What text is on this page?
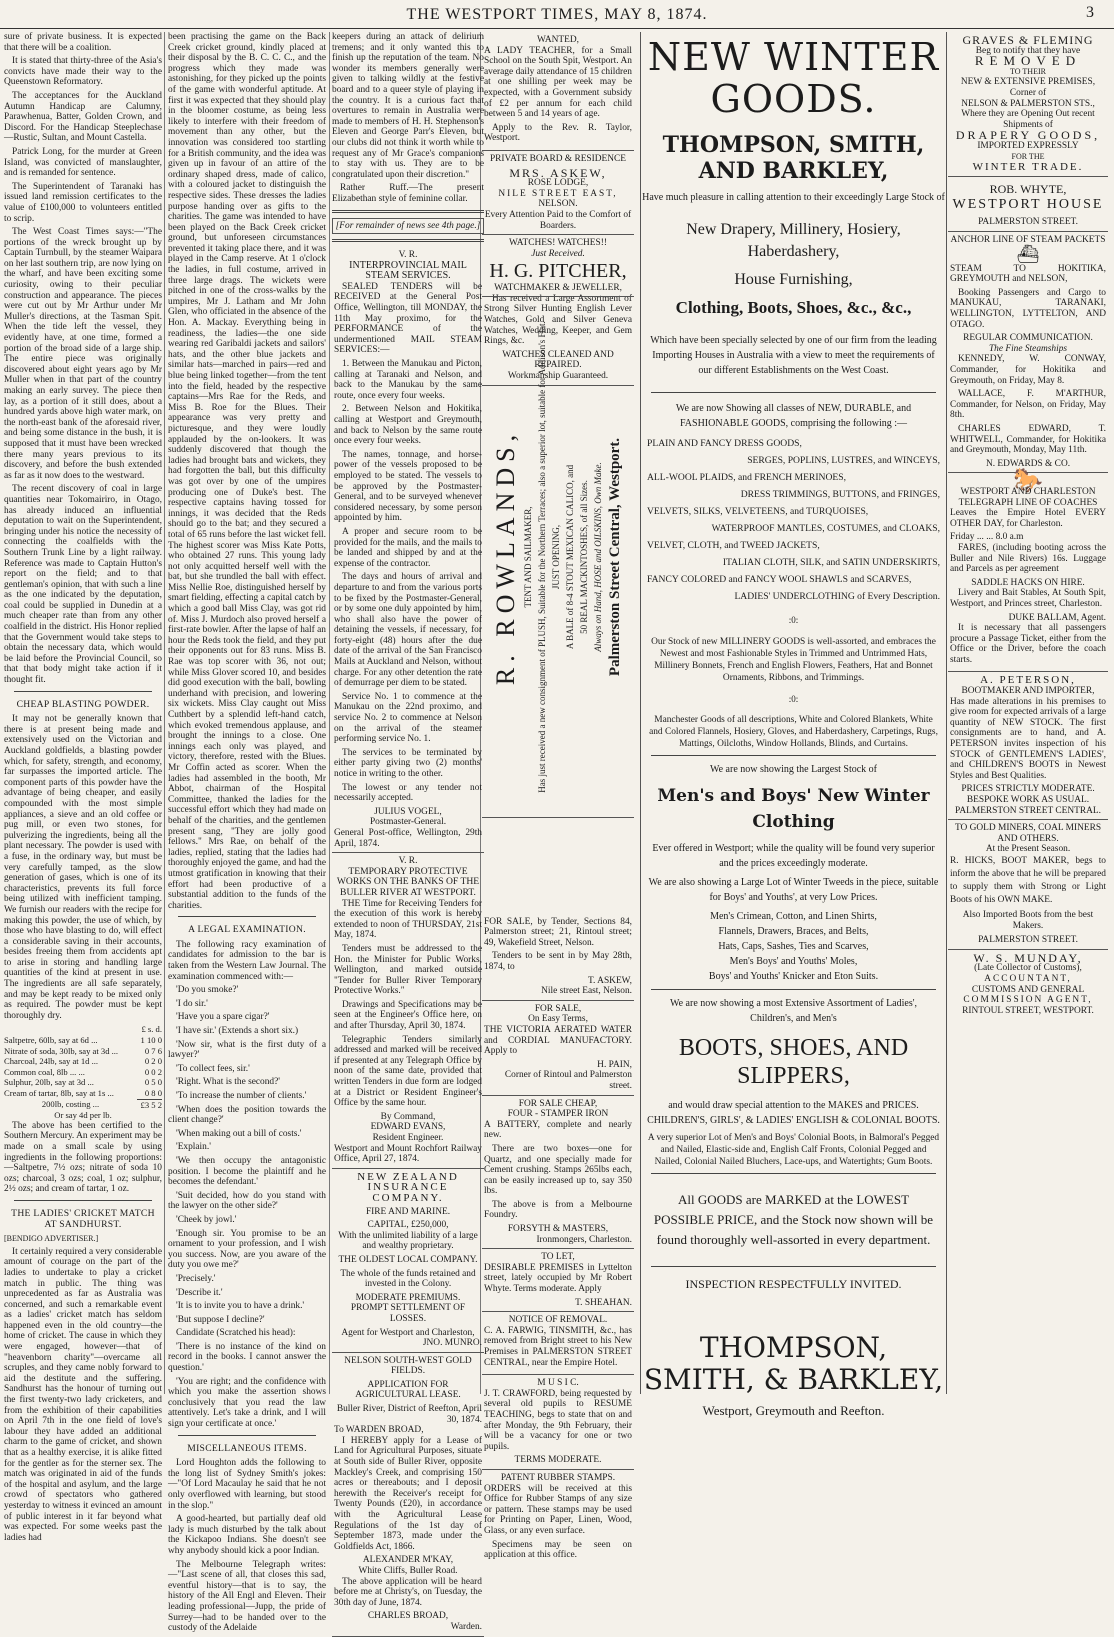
THE WESTPORT TIMES, MAY 8, 1874.	3

sure of private business. It is expected that there will be a coalition.

It is stated that thirty-three of the Asia's convicts have made their way to the Queenstown Reformatory.

The acceptances for the Auckland Autumn Handicap are Calumny, Parawhenua, Batter, Golden Crown, and Discord. For the Handicap Steeplechase—Rustic, Sultan, and Mount Castella.

Patrick Long, for the murder at Green Island, was convicted of manslaughter, and is remanded for sentence.

The Superintendent of Taranaki has issued land remission certificates to the value of £100,000 to volunteers entitled to scrip.

The West Coast Times says:—"The portions of the wreck brought up by Captain Turnbull, by the steamer Waipara on her last southern trip, are now lying on the wharf, and have been exciting some curiosity, owing to their peculiar construction and appearance. The pieces were cut out by Mr Arthur under Mr Muller's directions, at the Tasman Spit. When the tide left the vessel, they evidently have, at one time, formed a portion of the broad side of a large ship. The entire piece was originally discovered about eight years ago by Mr Muller when in that part of the country making an early survey. The piece then lay, as a portion of it still does, about a hundred yards above high water mark, on the north-east bank of the aforesaid river, and being some distance in the bush, it is supposed that it must have been wrecked there many years previous to its discovery, and before the bush extended as far as it now does to the westward.

The recent discovery of coal in large quantities near Tokomairiro, in Otago, has already induced an influential deputation to wait on the Superintendent, bringing under his notice the necessity of connecting the coalfields with the Southern Trunk Line by a light railway. Reference was made to Captain Hutton's report on the field; and to that gentleman's opinion, that with such a line as the one indicated by the deputation, coal could be supplied in Dunedin at a much cheaper rate than from any other coalfield in the district. His Honor replied that the Government would take steps to obtain the necessary data, which would be laid before the Provincial Council, so that that body might take action if it thought fit.

CHEAP BLASTING POWDER.

It may not be generally known that there is at present being made and extensively used on the Victorian and Auckland goldfields, a blasting powder which, for safety, strength, and economy, far surpasses the imported article. The component parts of this powder have the advantage of being cheaper, and easily compounded with the most simple appliances, a sieve and an old coffee or pug mill, or even two stones, for pulverizing the ingredients, being all the plant necessary. The powder is used with a fuse, in the ordinary way, but must be very carefully tamped, as the slow generation of gases, which is one of its characteristics, prevents its full force being utilized with inefficient tamping. We furnish our readers with the recipe for making this powder, the use of which, by those who have blasting to do, will effect a considerable saving in their accounts, besides freeing them from accidents apt to arise in storing and handling large quantities of the kind at present in use. The ingredients are all safe separately, and may be kept ready to be mixed only as required. The powder must be kept thoroughly dry.

	£ s. d.
Saltpetre, 60lb, say at 6d ...	1 10 0
Nitrate of soda, 30lb, say at 3d ...	0 7 6
Charcoal, 24lb, say at 1d ...	0 2 0
Common coal, 8lb ... ...	0 0 2
Sulphur, 20lb, say at 3d ...	0 5 0
Cream of tartar, 8lb, say at 1s ...	0 8 0
200lb, costing ...	£3 5 2
Or say 4d per lb.	

The above has been certified to the Southern Mercury. An experiment may be made on a small scale by using ingredients in the following proportions:—Saltpetre, 7½ ozs; nitrate of soda 10 ozs; charcoal, 3 ozs; coal, 1 oz; sulphur, 2½ ozs; and cream of tartar, 1 oz.

THE LADIES' CRICKET MATCH AT SANDHURST.
[BENDIGO ADVERTISER.]

It certainly required a very considerable amount of courage on the part of the ladies to undertake to play a cricket match in public. The thing was unprecedented as far as Australia was concerned, and such a remarkable event as a ladies' cricket match has seldom happened even in the old country—the home of cricket. The cause in which they were engaged, however—that of "heavenborn charity"—overcame all scruples, and they came nobly forward to aid the destitute and the suffering. Sandhurst has the honour of turning out the first twenty-two lady cricketers, and from the exhibition of their capabilities on April 7th in the one field of love's labour they have added an additional charm to the game of cricket, and shown that as a healthy exercise, it is alike fitted for the gentler as for the sterner sex. The match was originated in aid of the funds of the hospital and asylum, and the large crowd of spectators who gathered yesterday to witness it evinced an amount of public interest in it far beyond what was expected. For some weeks past the ladies had

been practising the game on the Back Creek cricket ground, kindly placed at their disposal by the B. C. C. C., and the progress which they made was astonishing, for they picked up the points of the game with wonderful aptitude. At first it was expected that they should play in the bloomer costume, as being less likely to interfere with their freedom of movement than any other, but the innovation was considered too startling for a British community, and the idea was given up in favour of an attire of the ordinary shaped dress, made of calico, with a coloured jacket to distinguish the respective sides. These dresses the ladies purpose handing over as gifts to the charities. The game was intended to have been played on the Back Creek cricket ground, but unforeseen circumstances prevented it taking place there, and it was played in the Camp reserve. At 1 o'clock the ladies, in full costume, arrived in three large drags. The wickets were pitched in one of the cross-walks by the umpires, Mr J. Latham and Mr John Glen, who officiated in the absence of the Hon. A. Mackay. Everything being in readiness, the ladies—the one side wearing red Garibaldi jackets and sailors' hats, and the other blue jackets and similar hats—marched in pairs—red and blue being linked together—from the tent into the field, headed by the respective captains—Mrs Rae for the Reds, and Miss B. Roe for the Blues. Their appearance was very pretty and picturesque, and they were loudly applauded by the on-lookers. It was suddenly discovered that though the ladies had brought bats and wickets, they had forgotten the ball, but this difficulty was got over by one of the umpires producing one of Duke's best. The respective captains having tossed for innings, it was decided that the Reds should go to the bat; and they secured a total of 65 runs before the last wicket fell. The highest scorer was Miss Kate Potts, who obtained 27 runs. This young lady not only acquitted herself well with the bat, but she trundled the ball with effect. Miss Nellie Roe, distinguished herself by smart fielding, effecting a capital catch by which a good ball Miss Clay, was got rid of. Miss J. Murdoch also proved herself a first-rate bowler. After the lapse of half an hour the Reds took the field, and they put their opponents out for 83 runs. Miss B. Rae was top scorer with 36, not out; while Miss Glover scored 10, and besides did good execution with the ball, bowling underhand with precision, and lowering six wickets. Miss Clay caught out Miss Cuthbert by a splendid left-hand catch, which evoked tremendous applause, and brought the innings to a close. One innings each only was played, and victory, therefore, rested with the Blues. Mr Coffin acted as scorer. When the ladies had assembled in the booth, Mr Abbot, chairman of the Hospital Committee, thanked the ladies for the successful effort which they had made on behalf of the charities, and the gentlemen present sang, "They are jolly good fellows." Mrs Rae, on behalf of the ladies, replied, stating that the ladies had thoroughly enjoyed the game, and had the utmost gratification in knowing that their effort had been productive of a substantial addition to the funds of the charities.

A LEGAL EXAMINATION.

The following racy examination of candidates for admission to the bar is taken from the Western Law Journal. The examination commenced with:—

'Do you smoke?'

'I do sir.'

'Have you a spare cigar?'

'I have sir.' (Extends a short six.)

'Now sir, what is the first duty of a lawyer?'

'To collect fees, sir.'

'Right. What is the second?'

'To increase the number of clients.'

'When does the position towards the client change?'

'When making out a bill of costs.'

'Explain.'

'We then occupy the antagonistic position. I become the plaintiff and he becomes the defendant.'

'Suit decided, how do you stand with the lawyer on the other side?'

'Cheek by jowl.'

'Enough sir. You promise to be an ornament to your profession, and I wish you success. Now, are you aware of the duty you owe me?'

'Precisely.'

'Describe it.'

'It is to invite you to have a drink.'

'But suppose I decline?'

Candidate (Scratched his head):

'There is no instance of the kind on record in the books. I cannot answer the question.'

'You are right; and the confidence with which you make the assertion shows conclusively that you read the law attentively. Let's take a drink, and I will sign your certificate at once.'

MISCELLANEOUS ITEMS.

Lord Houghton adds the following to the long list of Sydney Smith's jokes:—"Of Lord Macaulay he said that he not only overflowed with learning, but stood in the slop."

A good-hearted, but partially deaf old lady is much disturbed by the talk about the Kickapoo Indians. She doesn't see why anybody should kick a poor Indian.

The Melbourne Telegraph writes:—"Last scene of all, that closes this sad, eventful history—that is to say, the history of the All Engl and Eleven. Their leading professional—Jupp, the pride of Surrey—had to be handed over to the custody of the Adelaide

keepers during an attack of delirium tremens; and it only wanted this to finish up the reputation of the team. No wonder its members generally were given to talking wildly at the festive board and to a queer style of playing in the country. It is a curious fact that overtures to remain in Australia were made to members of H. H. Stephenson's Eleven and George Parr's Eleven, but our clubs did not think it worth while to request any of Mr Grace's companions to stay with us. They are to be congratulated upon their discretion."

Rather Ruff.—The present Elizabethan style of feminine collar.

[For remainder of news see 4th page.]
V. R.
INTERPROVINCIAL MAIL STEAM SERVICES.

SEALED TENDERS will be RECEIVED at the General Post Office, Wellington, till MONDAY, the 11th May proximo, for the PERFORMANCE of the undermentioned MAIL STEAM SERVICES:—

1. Between the Manukau and Picton, calling at Taranaki and Nelson, and back to the Manukau by the same route, once every four weeks.

2. Between Nelson and Hokitika, calling at Westport and Greymouth, and back to Nelson by the same route once every four weeks.

The names, tonnage, and horse-power of the vessels proposed to be employed to be stated. The vessels to be approved by the Postmaster-General, and to be surveyed whenever considered necessary, by some person appointed by him.

A proper and secure room to be provided for the mails, and the mails to be landed and shipped by and at the expense of the contractor.

The days and hours of arrival and departure to and from the various ports to be fixed by the Postmaster-General, or by some one duly appointed by him, who shall also have the power of detaining the vessels, if necessary, for forty-eight (48) hours after the due date of the arrival of the San Francisco Mails at Auckland and Nelson, without charge. For any other detention the rate of demurrage per diem to be stated.

Service No. 1 to commence at the Manukau on the 22nd proximo, and service No. 2 to commence at Nelson on the arrival of the steamer performing service No. 1.

The services to be terminated by either party giving two (2) months' notice in writing to the other.

The lowest or any tender not necessarily accepted.

JULIUS VOGEL,
Postmaster-General.
General Post-office, Wellington, 29th April, 1874.
V. R.
TEMPORARY PROTECTIVE WORKS ON THE BANKS OF THE BULLER RIVER AT WESTPORT.

THE Time for Receiving Tenders for the execution of this work is hereby extended to noon of THURSDAY, 21st May, 1874.

Tenders must be addressed to the Hon. the Minister for Public Works, Wellington, and marked outside "Tender for Buller River Temporary Protective Works."

Drawings and Specifications may be seen at the Engineer's Office here, on and after Thursday, April 30, 1874.

Telegraphic Tenders similarly addressed and marked will be received if presented at any Telegraph Office by noon of the same date, provided that written Tenders in due form are lodged at a District or Resident Engineer's Office by the same hour.

By Command,
EDWARD EVANS,
Resident Engineer.
Westport and Mount Rochfort Railway Office, April 27, 1874.
NEW ZEALAND INSURANCE COMPANY.
FIRE AND MARINE.
CAPITAL, £250,000,
With the unlimited liability of a large and wealthy proprietary.
THE OLDEST LOCAL COMPANY.
The whole of the funds retained and invested in the Colony.
MODERATE PREMIUMS.
PROMPT SETTLEMENT OF LOSSES.
Agent for Westport and Charleston,
JNO. MUNRO.
NELSON SOUTH-WEST GOLD FIELDS.
APPLICATION FOR AGRICULTURAL LEASE.
Buller River, District of Reefton, April 30, 1874.
To WARDEN BROAD,

I HEREBY apply for a Lease of Land for Agricultural Purposes, situate at South side of Buller River, opposite Mackley's Creek, and comprising 150 acres or thereabouts; and I deposit herewith the Receiver's receipt for Twenty Pounds (£20), in accordance with the Agricultural Lease Regulations of the 1st day of September 1873, made under the Goldfields Act, 1866.

ALEXANDER M'KAY,
White Cliffs, Buller Road.

The above application will be heard before me at Christy's, on Tuesday, the 30th day of June, 1874.

CHARLES BROAD,
Warden.
WANTED,

A LADY TEACHER, for a Small School on the South Spit, Westport. An average daily attendance of 15 children at one shilling per week may be expected, with a Government subsidy of £2 per annum for each child between 5 and 14 years of age.

Apply to the Rev. R. Taylor, Westport.

PRIVATE BOARD & RESIDENCE
MRS. ASKEW,
ROSE LODGE,
NILE STREET EAST,
NELSON.
Every Attention Paid to the Comfort of Boarders.
WATCHES! WATCHES!!
Just Received.
H. G. PITCHER,
WATCHMAKER & JEWELLER,

Has received a Large Assortment of Strong Silver Hunting English Lever Watches, Gold and Silver Geneva Watches, Wedding, Keeper, and Gem Rings, &c.

WATCHES CLEANED AND REPAIRED.
Workmanship Guaranteed.

FOR SALE, by Tender, Sections 84, Palmerston street; 21, Rintoul street; 49, Wakefield Street, Nelson.

Tenders to be sent in by May 28th, 1874, to

T. ASKEW,
Nile street East, Nelson.
FOR SALE,
On Easy Terms,

THE VICTORIA AERATED WATER and CORDIAL MANUFACTORY. Apply to

H. PAIN,
Corner of Rintoul and Palmerston street.
FOR SALE CHEAP,
FOUR - STAMPER IRON

A BATTERY, complete and nearly new.

There are two boxes—one for Quartz, and one specially made for Cement crushing. Stamps 265lbs each, can be easily increased up to, say 350 lbs.

The above is from a Melbourne Foundry.

FORSYTH & MASTERS,
Ironmongers, Charleston.
TO LET,

DESIRABLE PREMISES in Lyttelton street, lately occupied by Mr Robert Whyte. Terms moderate. Apply

T. SHEAHAN.
NOTICE OF REMOVAL.

C. A. FARWIG, TINSMITH, &c., has removed from Bright street to his New Premises in PALMERSTON STREET CENTRAL, near the Empire Hotel.

M U S I C.

J. T. CRAWFORD, being requested by several old pupils to RESUME TEACHING, begs to state that on and after Monday, the 9th February, their will be a vacancy for one or two pupils.

TERMS MODERATE.
PATENT RUBBER STAMPS.

ORDERS will be received at this Office for Rubber Stamps of any size or pattern. These stamps may be used for Printing on Paper, Linen, Wood, Glass, or any even surface.

Specimens may be seen on application at this office.

R. ROWLANDS, TENT AND SAILMAKER, Has just received a new consignment of PLUSH, Suitable for the Northern Terraces; also a superior lot, suitable for Addison's Flat. JUST OPENING, A BALE of 8-4 STOUT MEXICAN CALICO, and 50 REAL MACKINTOSHES, of all Sizes. Always on Hand, HOSE and OILSKINS, Own Make. Palmerston Street Central, Westport.
NEW WINTER GOODS.
THOMPSON, SMITH, AND BARKLEY,
Have much pleasure in calling attention to their exceedingly Large Stock of
New Drapery, Millinery, Hosiery, Haberdashery,
House Furnishing,
Clothing, Boots, Shoes, &c., &c.,
Which have been specially selected by one of our firm from the leading Importing Houses in Australia with a view to meet the requirements of our different Establishments on the West Coast.
We are now Showing all classes of NEW, DURABLE, and FASHIONABLE GOODS, comprising the following :—
PLAIN AND FANCY DRESS GOODS,
SERGES, POPLINS, LUSTRES, and WINCEYS,
ALL-WOOL PLAIDS, and FRENCH MERINOES,
DRESS TRIMMINGS, BUTTONS, and FRINGES,
VELVETS, SILKS, VELVETEENS, and TURQUOISES,
WATERPROOF MANTLES, COSTUMES, and CLOAKS,
VELVET, CLOTH, and TWEED JACKETS,
ITALIAN CLOTH, SILK, and SATIN UNDERSKIRTS,
FANCY COLORED and FANCY WOOL SHAWLS and SCARVES,
LADIES' UNDERCLOTHING of Every Description.
:0:
Our Stock of new MILLINERY GOODS is well-assorted, and embraces the Newest and most Fashionable Styles in Trimmed and Untrimmed Hats, Millinery Bonnets, French and English Flowers, Feathers, Hat and Bonnet Ornaments, Ribbons, and Trimmings.
:0:
Manchester Goods of all descriptions, White and Colored Blankets, White and Colored Flannels, Hosiery, Gloves, and Haberdashery, Carpetings, Rugs, Mattings, Oilcloths, Window Hollands, Blinds, and Curtains.
We are now showing the Largest Stock of
Men's and Boys' New Winter Clothing
Ever offered in Westport; while the quality will be found very superior and the prices exceedingly moderate.
We are also showing a Large Lot of Winter Tweeds in the piece, suitable for Boys' and Youths', at very Low Prices.
Men's Crimean, Cotton, and Linen Shirts,
Flannels, Drawers, Braces, and Belts,
Hats, Caps, Sashes, Ties and Scarves,
Men's Boys' and Youths' Moles,
Boys' and Youths' Knicker and Eton Suits.
We are now showing a most Extensive Assortment of Ladies',
Children's, and Men's
BOOTS, SHOES, AND SLIPPERS,
and would draw special attention to the MAKES and PRICES.
CHILDREN'S, GIRLS', & LADIES' ENGLISH & COLONIAL BOOTS.
A very superior Lot of Men's and Boys' Colonial Boots, in Balmoral's Pegged and Nailed, Elastic-side and, English Calf Fronts, Colonial Pegged and Nailed, Colonial Nailed Bluchers, Lace-ups, and Watertights; Gum Boots.
All GOODS are MARKED at the LOWEST POSSIBLE PRICE, and the Stock now shown will be found thoroughly well-assorted in every department.
INSPECTION RESPECTFULLY INVITED.
THOMPSON, SMITH, & BARKLEY,
Westport, Greymouth and Reefton.
GRAVES & FLEMING
Beg to notify that they have
REMOVED
TO THEIR
NEW & EXTENSIVE PREMISES,
Corner of
NELSON & PALMERSTON STS.,
Where they are Opening Out recent
Shipments of
DRAPERY GOODS,
IMPORTED EXPRESSLY
FOR THE
WINTER TRADE.
ROB. WHYTE,
WESTPORT HOUSE
PALMERSTON STREET.
ANCHOR LINE OF STEAM PACKETS
⛴

STEAM TO HOKITIKA, GREYMOUTH and NELSON,

Booking Passengers and Cargo to MANUKAU, TARANAKI, WELLINGTON, LYTTELTON, AND OTAGO.

REGULAR COMMUNICATION.
The Fine Steamships

KENNEDY, W. CONWAY, Commander, for Hokitika and Greymouth, on Friday, May 8.

WALLACE, F. M'ARTHUR, Commander, for Nelson, on Friday, May 8th.

CHARLES EDWARD, T. WHITWELL, Commander, for Hokitika and Greymouth, Monday, May 11th.

N. EDWARDS & CO.
🐎
WESTPORT AND CHARLESTON
TELEGRAPH LINE OF COACHES

Leaves the Empire Hotel EVERY OTHER DAY, for Charleston.

Friday ... ... 8.0 a.m

FARES, (including booting across the Buller and Nile Rivers) 16s. Luggage and Parcels as per agreement

SADDLE HACKS ON HIRE.

Livery and Bait Stables, At South Spit, Westport, and Princes street, Charleston.

DUKE BALLAM, Agent.

It is necessary that all passengers procure a Passage Ticket, either from the Office or the Driver, before the coach starts.

A. PETERSON,
BOOTMAKER AND IMPORTER,

Has made alterations in his premises to give room for expected arrivals of a large quantity of NEW STOCK. The first consignments are to hand, and A. PETERSON invites inspection of his STOCK of GENTLEMEN'S LADIES', and CHILDREN'S BOOTS in Newest Styles and Best Qualities.

PRICES STRICTLY MODERATE.
BESPOKE WORK AS USUAL.
PALMERSTON STREET CENTRAL.
TO GOLD MINERS, COAL MINERS AND OTHERS.
At the Present Season.

R. HICKS, BOOT MAKER, begs to inform the above that he will be prepared to supply them with Strong or Light Boots of his OWN MAKE.

Also Imported Boots from the best Makers.
PALMERSTON STREET.
W. S. MUNDAY,
(Late Collector of Customs),
ACCOUNTANT,
CUSTOMS AND GENERAL
COMMISSION AGENT,
RINTOUL STREET, WESTPORT.
